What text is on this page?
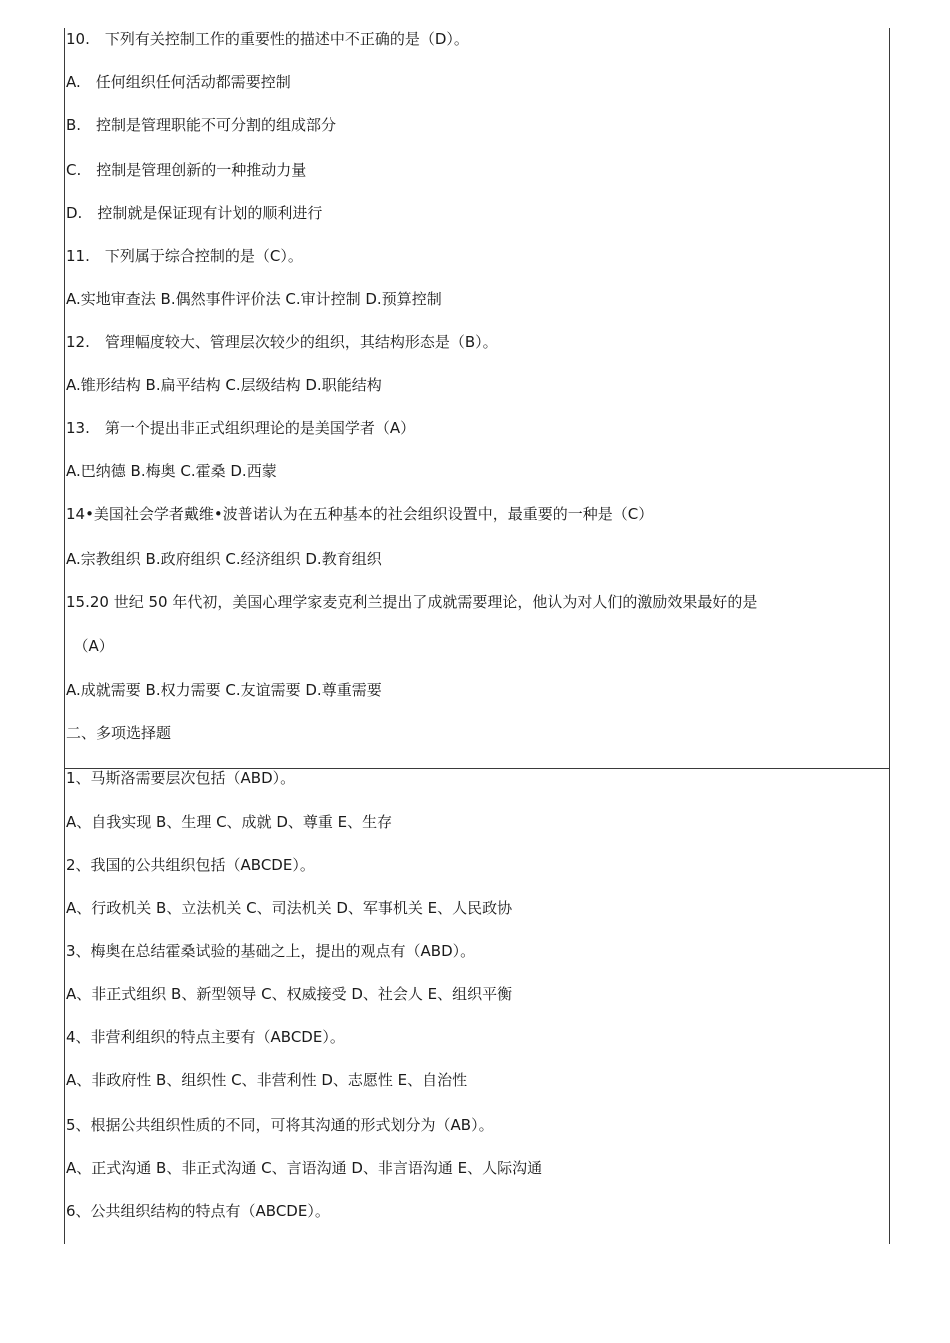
10.　下列有关控制工作的重要性的描述中不正确的是（D）。
A.　任何组织任何活动都需要控制
B.　控制是管理职能不可分割的组成部分
C.　控制是管理创新的一种推动力量
D.　控制就是保证现有计划的顺利进行
11.　下列属于综合控制的是（C）。
A.实地审查法 B.偶然事件评价法 C.审计控制 D.预算控制
12.　管理幅度较大、管理层次较少的组织，其结构形态是（B）。
A.锥形结构 B.扁平结构 C.层级结构 D.职能结构
13.　第一个提出非正式组织理论的是美国学者（A）
A.巴纳德 B.梅奥 C.霍桑 D.西蒙
14•美国社会学者戴维•波普诺认为在五种基本的社会组织设置中，最重要的一种是（C）
A.宗教组织 B.政府组织 C.经济组织 D.教育组织
15.20 世纪 50 年代初，美国心理学家麦克利兰提出了成就需要理论，他认为对人们的激励效果最好的是
　（A）
A.成就需要 B.权力需要 C.友谊需要 D.尊重需要
二、多项选择题
1、马斯洛需要层次包括（ABD）。
A、自我实现 B、生理 C、成就 D、尊重 E、生存
2、我国的公共组织包括（ABCDE）。
A、行政机关 B、立法机关 C、司法机关 D、军事机关 E、人民政协
3、梅奥在总结霍桑试验的基础之上，提出的观点有（ABD）。
A、非正式组织 B、新型领导 C、权威接受 D、社会人 E、组织平衡
4、非营利组织的特点主要有（ABCDE）。
A、非政府性 B、组织性 C、非营利性 D、志愿性 E、自治性
5、根据公共组织性质的不同，可将其沟通的形式划分为（AB）。
A、正式沟通 B、非正式沟通 C、言语沟通 D、非言语沟通 E、人际沟通
6、公共组织结构的特点有（ABCDE）。
